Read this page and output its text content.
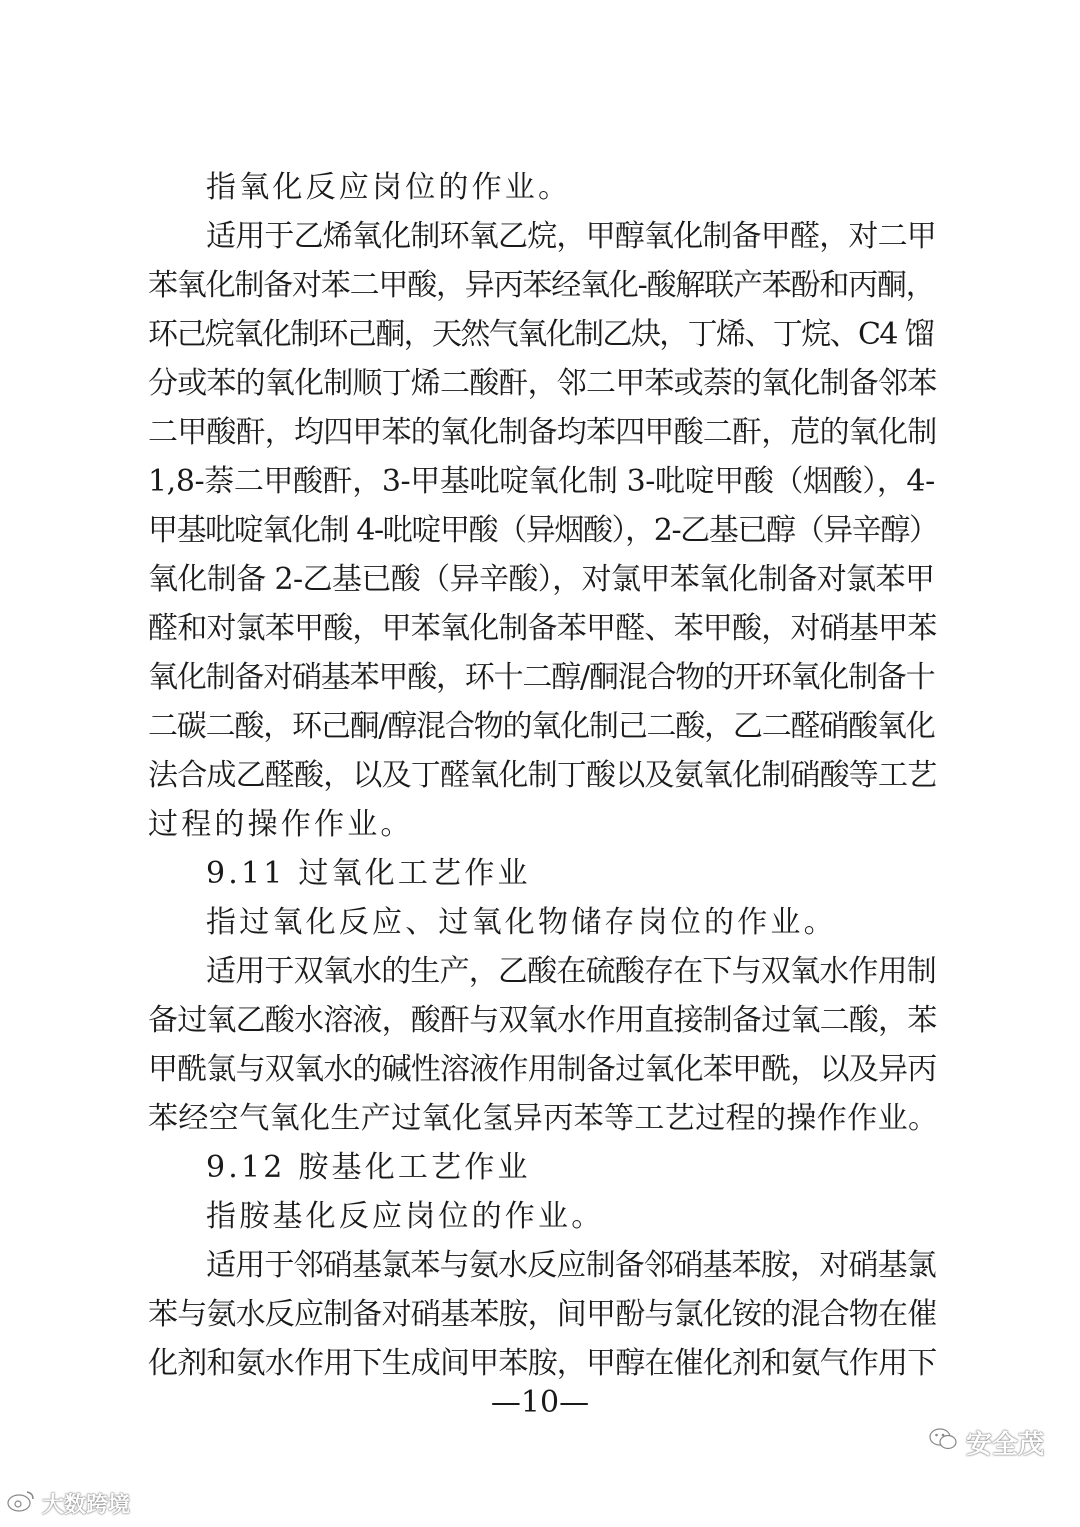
指氧化反应岗位的作业。
适用于乙烯氧化制环氧乙烷，甲醇氧化制备甲醛，对二甲
苯氧化制备对苯二甲酸，异丙苯经氧化-酸解联产苯酚和丙酮，
环己烷氧化制环己酮，天然气氧化制乙炔，丁烯、丁烷、C4 馏
分或苯的氧化制顺丁烯二酸酐，邻二甲苯或萘的氧化制备邻苯
二甲酸酐，均四甲苯的氧化制备均苯四甲酸二酐，苊的氧化制
1,8-萘二甲酸酐，3-甲基吡啶氧化制 3-吡啶甲酸（烟酸），4-
甲基吡啶氧化制 4-吡啶甲酸（异烟酸），2-乙基已醇（异辛醇）
氧化制备 2-乙基已酸（异辛酸），对氯甲苯氧化制备对氯苯甲
醛和对氯苯甲酸，甲苯氧化制备苯甲醛、苯甲酸，对硝基甲苯
氧化制备对硝基苯甲酸，环十二醇/酮混合物的开环氧化制备十
二碳二酸，环己酮/醇混合物的氧化制己二酸，乙二醛硝酸氧化
法合成乙醛酸，以及丁醛氧化制丁酸以及氨氧化制硝酸等工艺
过程的操作作业。
9.11 过氧化工艺作业
指过氧化反应、过氧化物储存岗位的作业。
适用于双氧水的生产，乙酸在硫酸存在下与双氧水作用制
备过氧乙酸水溶液，酸酐与双氧水作用直接制备过氧二酸，苯
甲酰氯与双氧水的碱性溶液作用制备过氧化苯甲酰，以及异丙
苯经空气氧化生产过氧化氢异丙苯等工艺过程的操作作业。
9.12 胺基化工艺作业
指胺基化反应岗位的作业。
适用于邻硝基氯苯与氨水反应制备邻硝基苯胺，对硝基氯
苯与氨水反应制备对硝基苯胺，间甲酚与氯化铵的混合物在催
化剂和氨水作用下生成间甲苯胺，甲醇在催化剂和氨气作用下
—10—
安全茂
大数跨境
